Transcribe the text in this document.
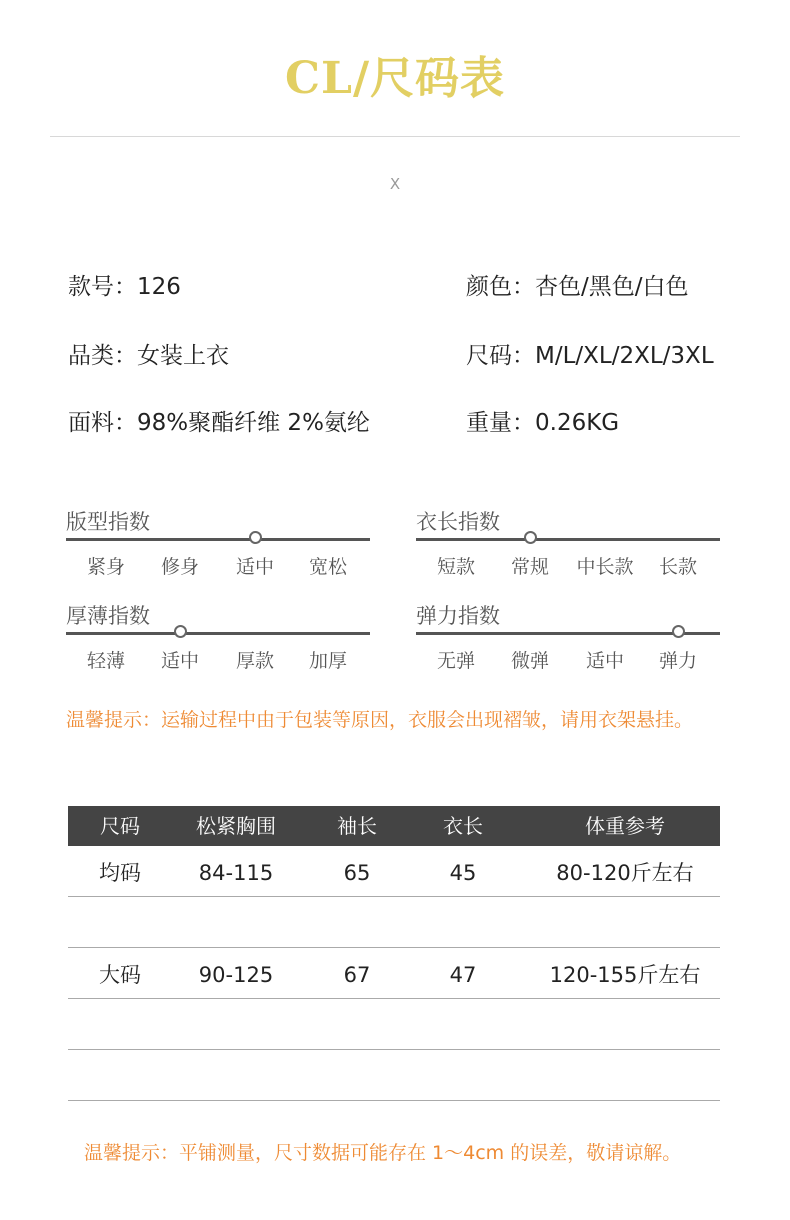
CL/尺码表
X
款号：126	颜色：杏色/黑色/白色
品类：女装上衣	尺码：M/L/XL/2XL/3XL
面料：98%聚酯纤维 2%氨纶	重量：0.26KG
版型指数
紧身	修身	适中	宽松
衣长指数
短款	常规	中长款	长款
厚薄指数
轻薄	适中	厚款	加厚
弹力指数
无弹	微弹	适中	弹力
温馨提示：运输过程中由于包装等原因，衣服会出现褶皱，请用衣架悬挂。
尺码	松紧胸围	袖长	衣长	体重参考
均码	84-115	65	45	80-120斤左右
大码	90-125	67	47	120-155斤左右
温馨提示：平铺测量，尺寸数据可能存在 1～4cm 的误差，敬请谅解。
